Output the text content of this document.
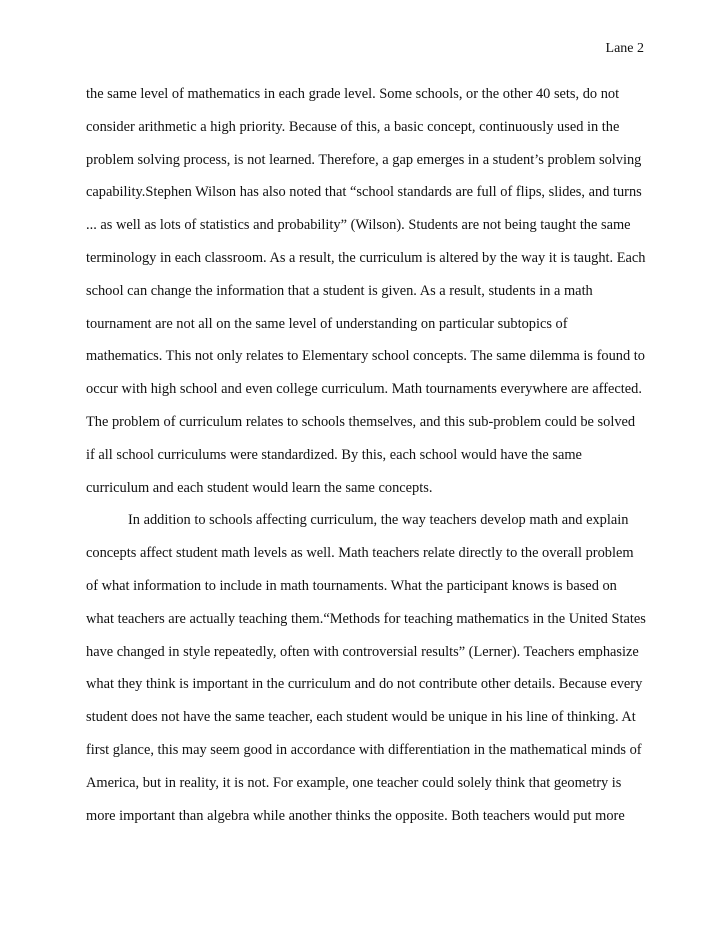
Lane 2
the same level of mathematics in each grade level. Some schools, or the other 40 sets, do not
consider arithmetic a high priority. Because of this, a basic concept, continuously used in the
problem solving process, is not learned. Therefore, a gap emerges in a student’s problem solving
capability.Stephen Wilson has also noted that “school standards are full of flips, slides, and turns
... as well as lots of statistics and probability” (Wilson). Students are not being taught the same
terminology in each classroom. As a result, the curriculum is altered by the way it is taught. Each
school can change the information that a student is given. As a result, students in a math
tournament are not all on the same level of understanding on particular subtopics of
mathematics. This not only relates to Elementary school concepts. The same dilemma is found to
occur with high school and even college curriculum. Math tournaments everywhere are affected.
The problem of curriculum relates to schools themselves, and this sub-problem could be solved
if all school curriculums were standardized. By this, each school would have the same
curriculum and each student would learn the same concepts.
In addition to schools affecting curriculum, the way teachers develop math and explain
concepts affect student math levels as well. Math teachers relate directly to the overall problem
of what information to include in math tournaments. What the participant knows is based on
what teachers are actually teaching them.“Methods for teaching mathematics in the United States
have changed in style repeatedly, often with controversial results” (Lerner). Teachers emphasize
what they think is important in the curriculum and do not contribute other details. Because every
student does not have the same teacher, each student would be unique in his line of thinking. At
first glance, this may seem good in accordance with differentiation in the mathematical minds of
America, but in reality, it is not. For example, one teacher could solely think that geometry is
more important than algebra while another thinks the opposite. Both teachers would put more
